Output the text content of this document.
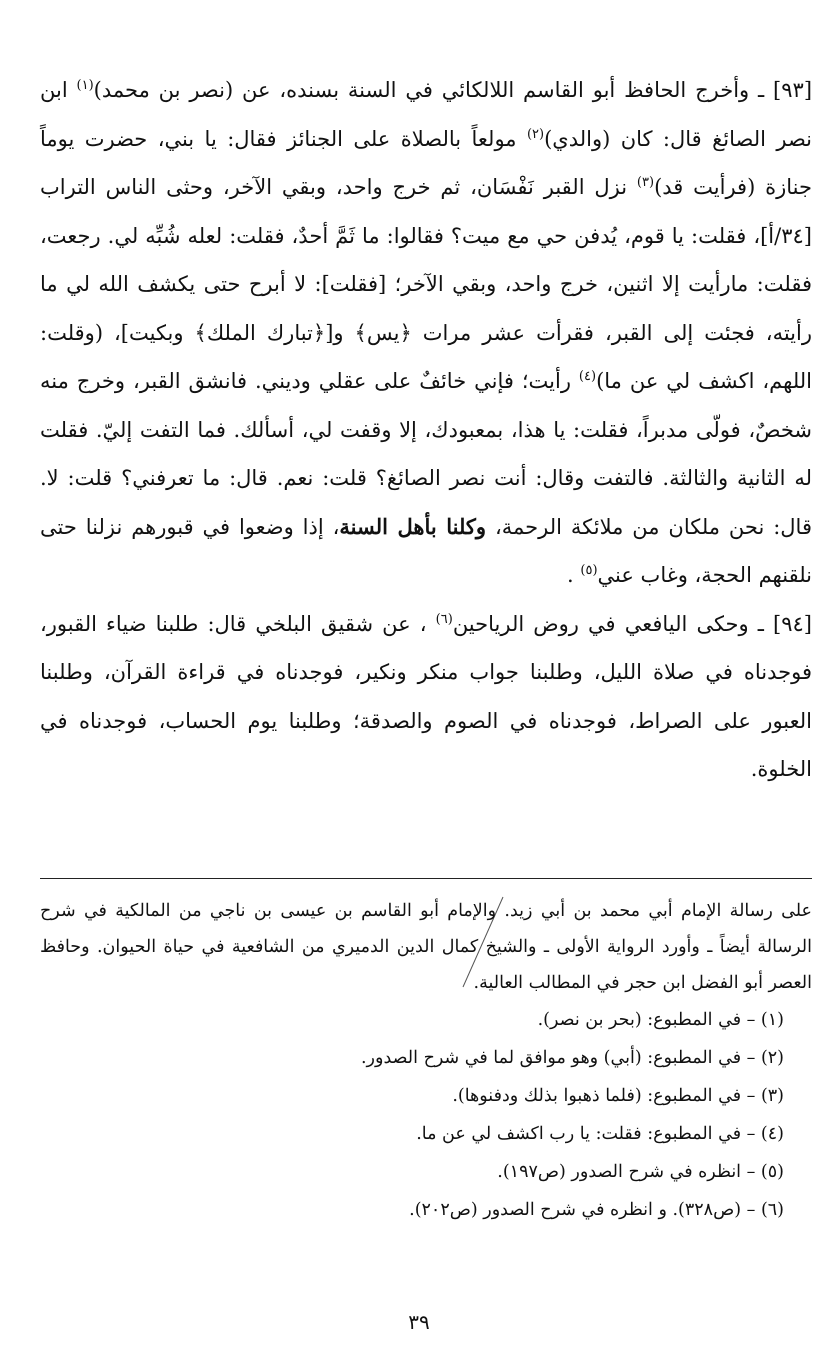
[٩٣] ـ وأخرج الحافظ أبو القاسم اللالكائي في السنة بسنده، عن (نصر بن محمد)$^{(١)}$ ابن نصر الصائغ قال: كان (والدي)$^{(٢)}$ مولعاً بالصلاة على الجنائز فقال: يا بني، حضرت يوماً جنازة (فرأيت قد)$^{(٣)}$ نزل القبر نَفْسَان، ثم خرج واحد، وبقي الآخر، وحثى الناس التراب [٣٤/أ]، فقلت: يا قوم، يُدفن حي مع ميت؟ فقالوا: ما ثَمَّ أحدٌ، فقلت: لعله شُبِّه لي. رجعت، فقلت: مارأيت إلا اثنين، خرج واحد، وبقي الآخر؛ [فقلت]: لا أبرح حتى يكشف الله لي ما رأيته، فجئت إلى القبر، فقرأت عشر مرات ﴿يس﴾ و[﴿تبارك الملك﴾ وبكيت]، (وقلت: اللهم، اكشف لي عن ما)$^{(٤)}$ رأيت؛ فإني خائفٌ على عقلي وديني. فانشق القبر، وخرج منه شخصٌ، فولّى مدبراً، فقلت: يا هذا، بمعبودك، إلا وقفت لي، أسألك. فما التفت إليّ. فقلت له الثانية والثالثة. فالتفت وقال: أنت نصر الصائغ؟ قلت: نعم. قال: ما تعرفني؟ قلت: لا. قال: نحن ملكان من ملائكة الرحمة، وكلنا بأهل السنة، إذا وضعوا في قبورهم نزلنا حتى نلقنهم الحجة، وغاب عني$^{(٥)}$ .

[٩٤] ـ وحكى اليافعي في روض الرياحين$^{(٦)}$ ، عن شقيق البلخي قال: طلبنا ضياء القبور، فوجدناه في صلاة الليل، وطلبنا جواب منكر ونكير، فوجدناه في قراءة القرآن، وطلبنا العبور على الصراط، فوجدناه في الصوم والصدقة؛ وطلبنا يوم الحساب، فوجدناه في الخلوة.

على رسالة الإمام أبي محمد بن أبي زيد. والإمام أبو القاسم بن عيسى بن ناجي من المالكية في شرح الرسالة أيضاً ـ وأورد الرواية الأولى ـ والشيخ كمال الدين الدميري من الشافعية في حياة الحيوان. وحافظ العصر أبو الفضل ابن حجر في المطالب العالية.

(١) – في المطبوع: (بحر بن نصر).
(٢) – في المطبوع: (أبي) وهو موافق لما في شرح الصدور.
(٣) – في المطبوع: (فلما ذهبوا بذلك ودفنوها).
(٤) – في المطبوع: فقلت: يا رب اكشف لي عن ما.
(٥) – انظره في شرح الصدور (ص١٩٧).
(٦) – (ص٣٢٨). و انظره في شرح الصدور (ص٢٠٢).
٣٩
